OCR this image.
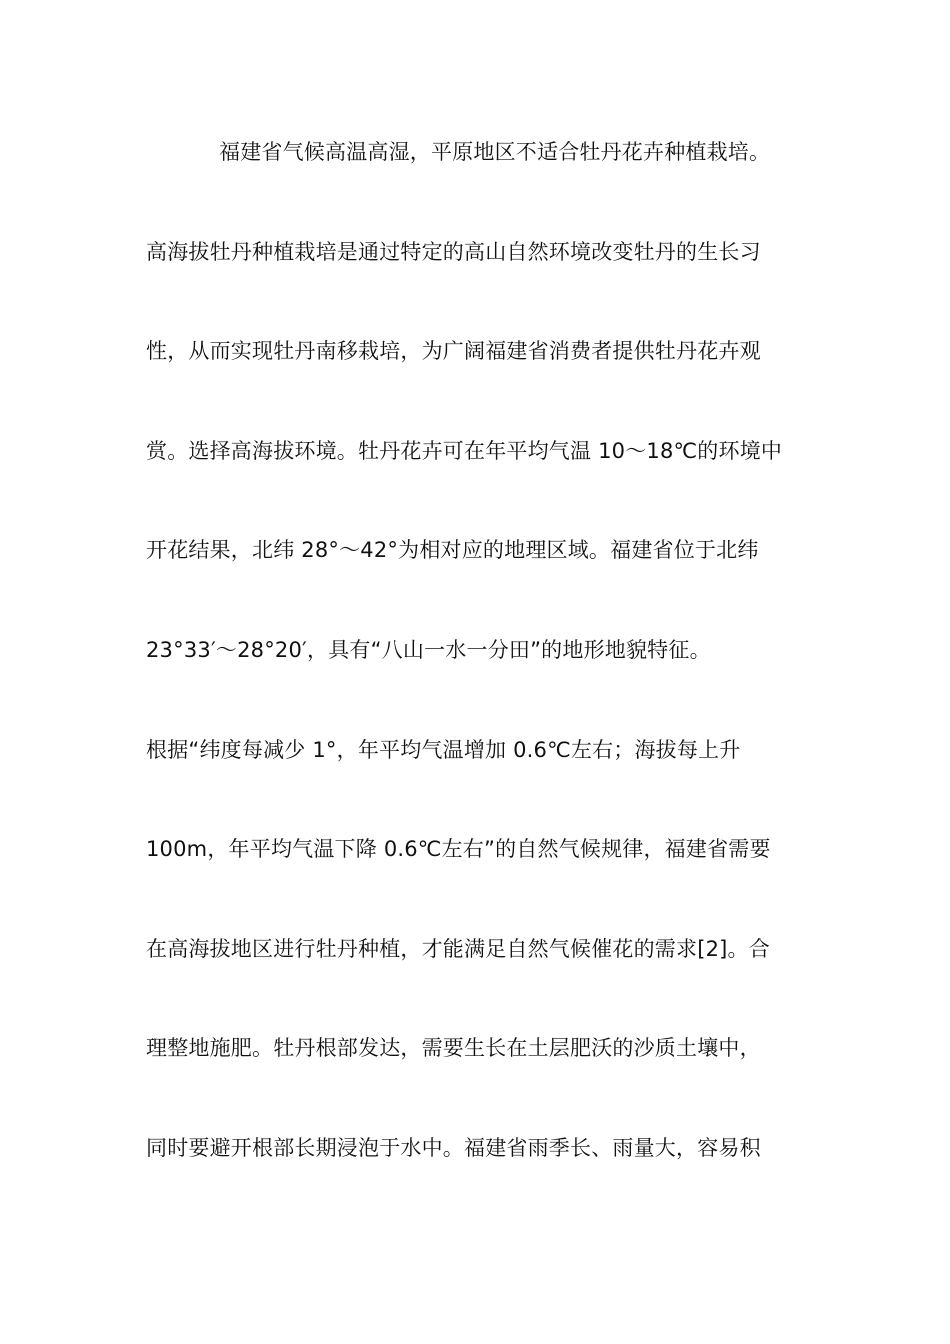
福建省气候高温高湿，平原地区不适合牡丹花卉种植栽培。
高海拔牡丹种植栽培是通过特定的高山自然环境改变牡丹的生长习
性，从而实现牡丹南移栽培，为广阔福建省消费者提供牡丹花卉观
赏。选择高海拔环境。牡丹花卉可在年平均气温 10～18℃的环境中
开花结果，北纬 28°～42°为相对应的地理区域。福建省位于北纬
23°33′～28°20′，具有“八山一水一分田”的地形地貌特征。
根据“纬度每减少 1°，年平均气温增加 0.6℃左右；海拔每上升
100m，年平均气温下降 0.6℃左右”的自然气候规律，福建省需要
在高海拔地区进行牡丹种植，才能满足自然气候催花的需求[2]。合
理整地施肥。牡丹根部发达，需要生长在土层肥沃的沙质土壤中，
同时要避开根部长期浸泡于水中。福建省雨季长、雨量大，容易积
